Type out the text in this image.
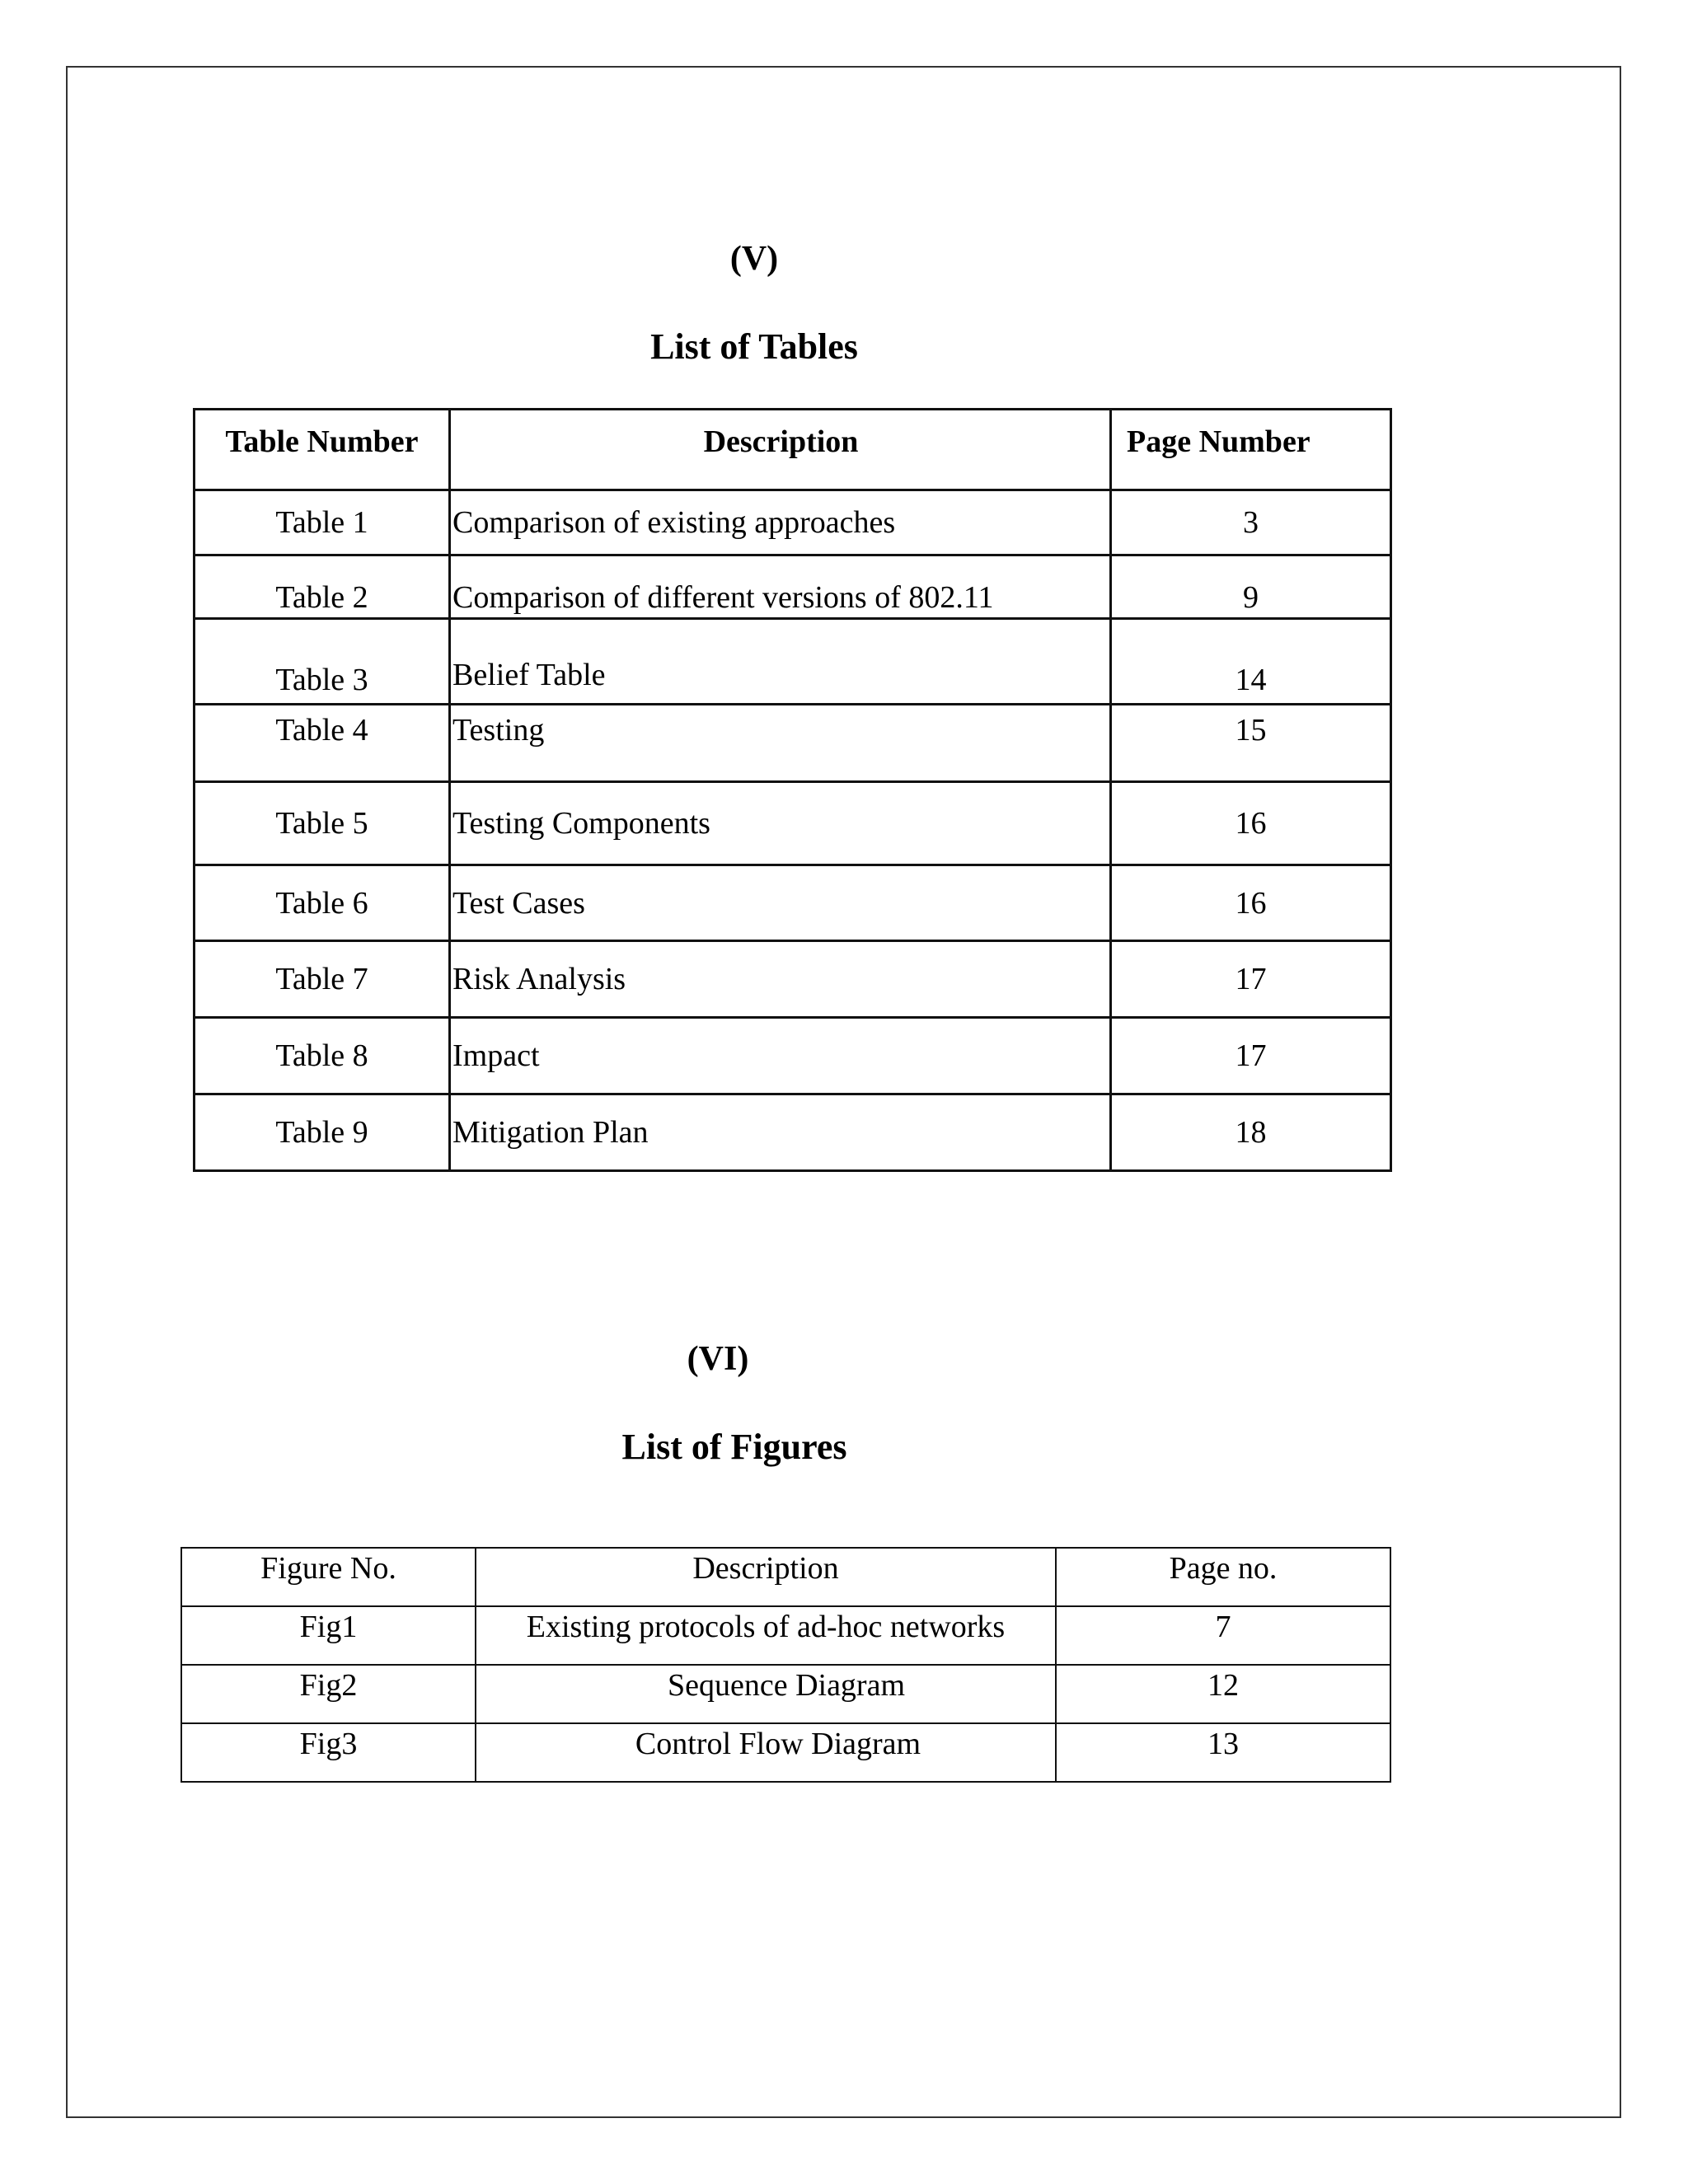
(V)
List of Tables
Table Number	Description	Page Number
Table 1	Comparison of existing approaches	3
Table 2	Comparison of different versions of 802.11	9
Table 3	Belief Table	14
Table 4	Testing	15
Table 5	Testing Components	16
Table 6	Test Cases	16
Table 7	Risk Analysis	17
Table 8	Impact	17
Table 9	Mitigation Plan	18
(VI)
List of Figures
Figure No.	Description	Page no.
Fig1	Existing protocols of ad-hoc networks	7
Fig2	Sequence Diagram	12
Fig3	Control Flow Diagram	13
